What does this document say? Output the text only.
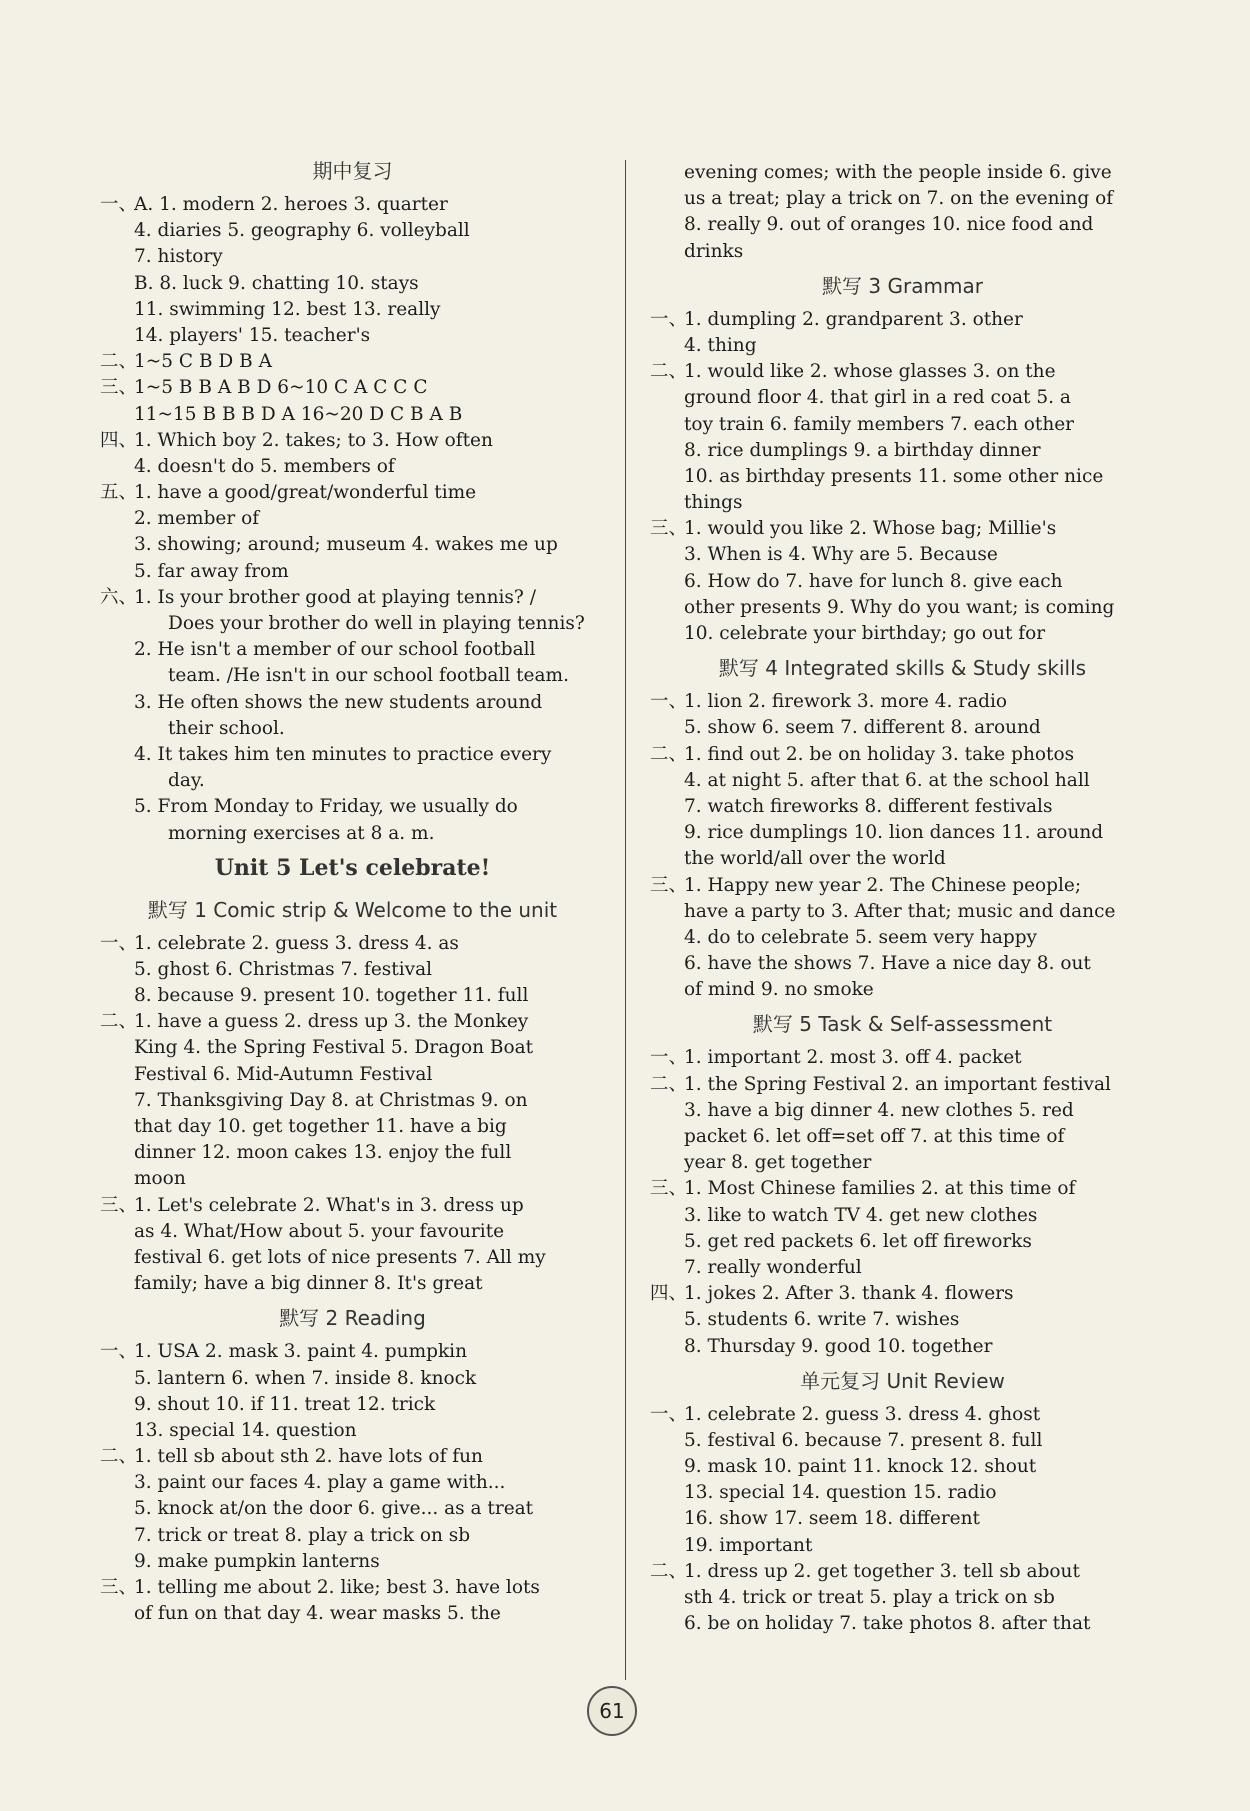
期中复习
一、
A. 1. modern 2. heroes 3. quarter
4. diaries 5. geography 6. volleyball
7. history
B. 8. luck 9. chatting 10. stays
11. swimming 12. best 13. really
14. players' 15. teacher's
二、
1~5 C B D B A
三、
1~5 B B A B D 6~10 C A C C C
11~15 B B B D A 16~20 D C B A B
四、
1. Which boy 2. takes; to 3. How often
4. doesn't do 5. members of
五、
1. have a good/great/wonderful time
2. member of
3. showing; around; museum 4. wakes me up
5. far away from
六、
1. Is your brother good at playing tennis? /
Does your brother do well in playing tennis?
2. He isn't a member of our school football
team. /He isn't in our school football team.
3. He often shows the new students around
their school.
4. It takes him ten minutes to practice every
day.
5. From Monday to Friday, we usually do
morning exercises at 8 a. m.
Unit 5 Let's celebrate!
默写 1 Comic strip & Welcome to the unit
一、
1. celebrate 2. guess 3. dress 4. as
5. ghost 6. Christmas 7. festival
8. because 9. present 10. together 11. full
二、
1. have a guess 2. dress up 3. the Monkey
King 4. the Spring Festival 5. Dragon Boat
Festival 6. Mid-Autumn Festival
7. Thanksgiving Day 8. at Christmas 9. on
that day 10. get together 11. have a big
dinner 12. moon cakes 13. enjoy the full
moon
三、
1. Let's celebrate 2. What's in 3. dress up
as 4. What/How about 5. your favourite
festival 6. get lots of nice presents 7. All my
family; have a big dinner 8. It's great
默写 2 Reading
一、
1. USA 2. mask 3. paint 4. pumpkin
5. lantern 6. when 7. inside 8. knock
9. shout 10. if 11. treat 12. trick
13. special 14. question
二、
1. tell sb about sth 2. have lots of fun
3. paint our faces 4. play a game with...
5. knock at/on the door 6. give... as a treat
7. trick or treat 8. play a trick on sb
9. make pumpkin lanterns
三、
1. telling me about 2. like; best 3. have lots
of fun on that day 4. wear masks 5. the
evening comes; with the people inside 6. give
us a treat; play a trick on 7. on the evening of
8. really 9. out of oranges 10. nice food and
drinks
默写 3 Grammar
一、
1. dumpling 2. grandparent 3. other
4. thing
二、
1. would like 2. whose glasses 3. on the
ground floor 4. that girl in a red coat 5. a
toy train 6. family members 7. each other
8. rice dumplings 9. a birthday dinner
10. as birthday presents 11. some other nice
things
三、
1. would you like 2. Whose bag; Millie's
3. When is 4. Why are 5. Because
6. How do 7. have for lunch 8. give each
other presents 9. Why do you want; is coming
10. celebrate your birthday; go out for
默写 4 Integrated skills & Study skills
一、
1. lion 2. firework 3. more 4. radio
5. show 6. seem 7. different 8. around
二、
1. find out 2. be on holiday 3. take photos
4. at night 5. after that 6. at the school hall
7. watch fireworks 8. different festivals
9. rice dumplings 10. lion dances 11. around
the world/all over the world
三、
1. Happy new year 2. The Chinese people;
have a party to 3. After that; music and dance
4. do to celebrate 5. seem very happy
6. have the shows 7. Have a nice day 8. out
of mind 9. no smoke
默写 5 Task & Self-assessment
一、
1. important 2. most 3. off 4. packet
二、
1. the Spring Festival 2. an important festival
3. have a big dinner 4. new clothes 5. red
packet 6. let off=set off 7. at this time of
year 8. get together
三、
1. Most Chinese families 2. at this time of
3. like to watch TV 4. get new clothes
5. get red packets 6. let off fireworks
7. really wonderful
四、
1. jokes 2. After 3. thank 4. flowers
5. students 6. write 7. wishes
8. Thursday 9. good 10. together
单元复习 Unit Review
一、
1. celebrate 2. guess 3. dress 4. ghost
5. festival 6. because 7. present 8. full
9. mask 10. paint 11. knock 12. shout
13. special 14. question 15. radio
16. show 17. seem 18. different
19. important
二、
1. dress up 2. get together 3. tell sb about
sth 4. trick or treat 5. play a trick on sb
6. be on holiday 7. take photos 8. after that
61
